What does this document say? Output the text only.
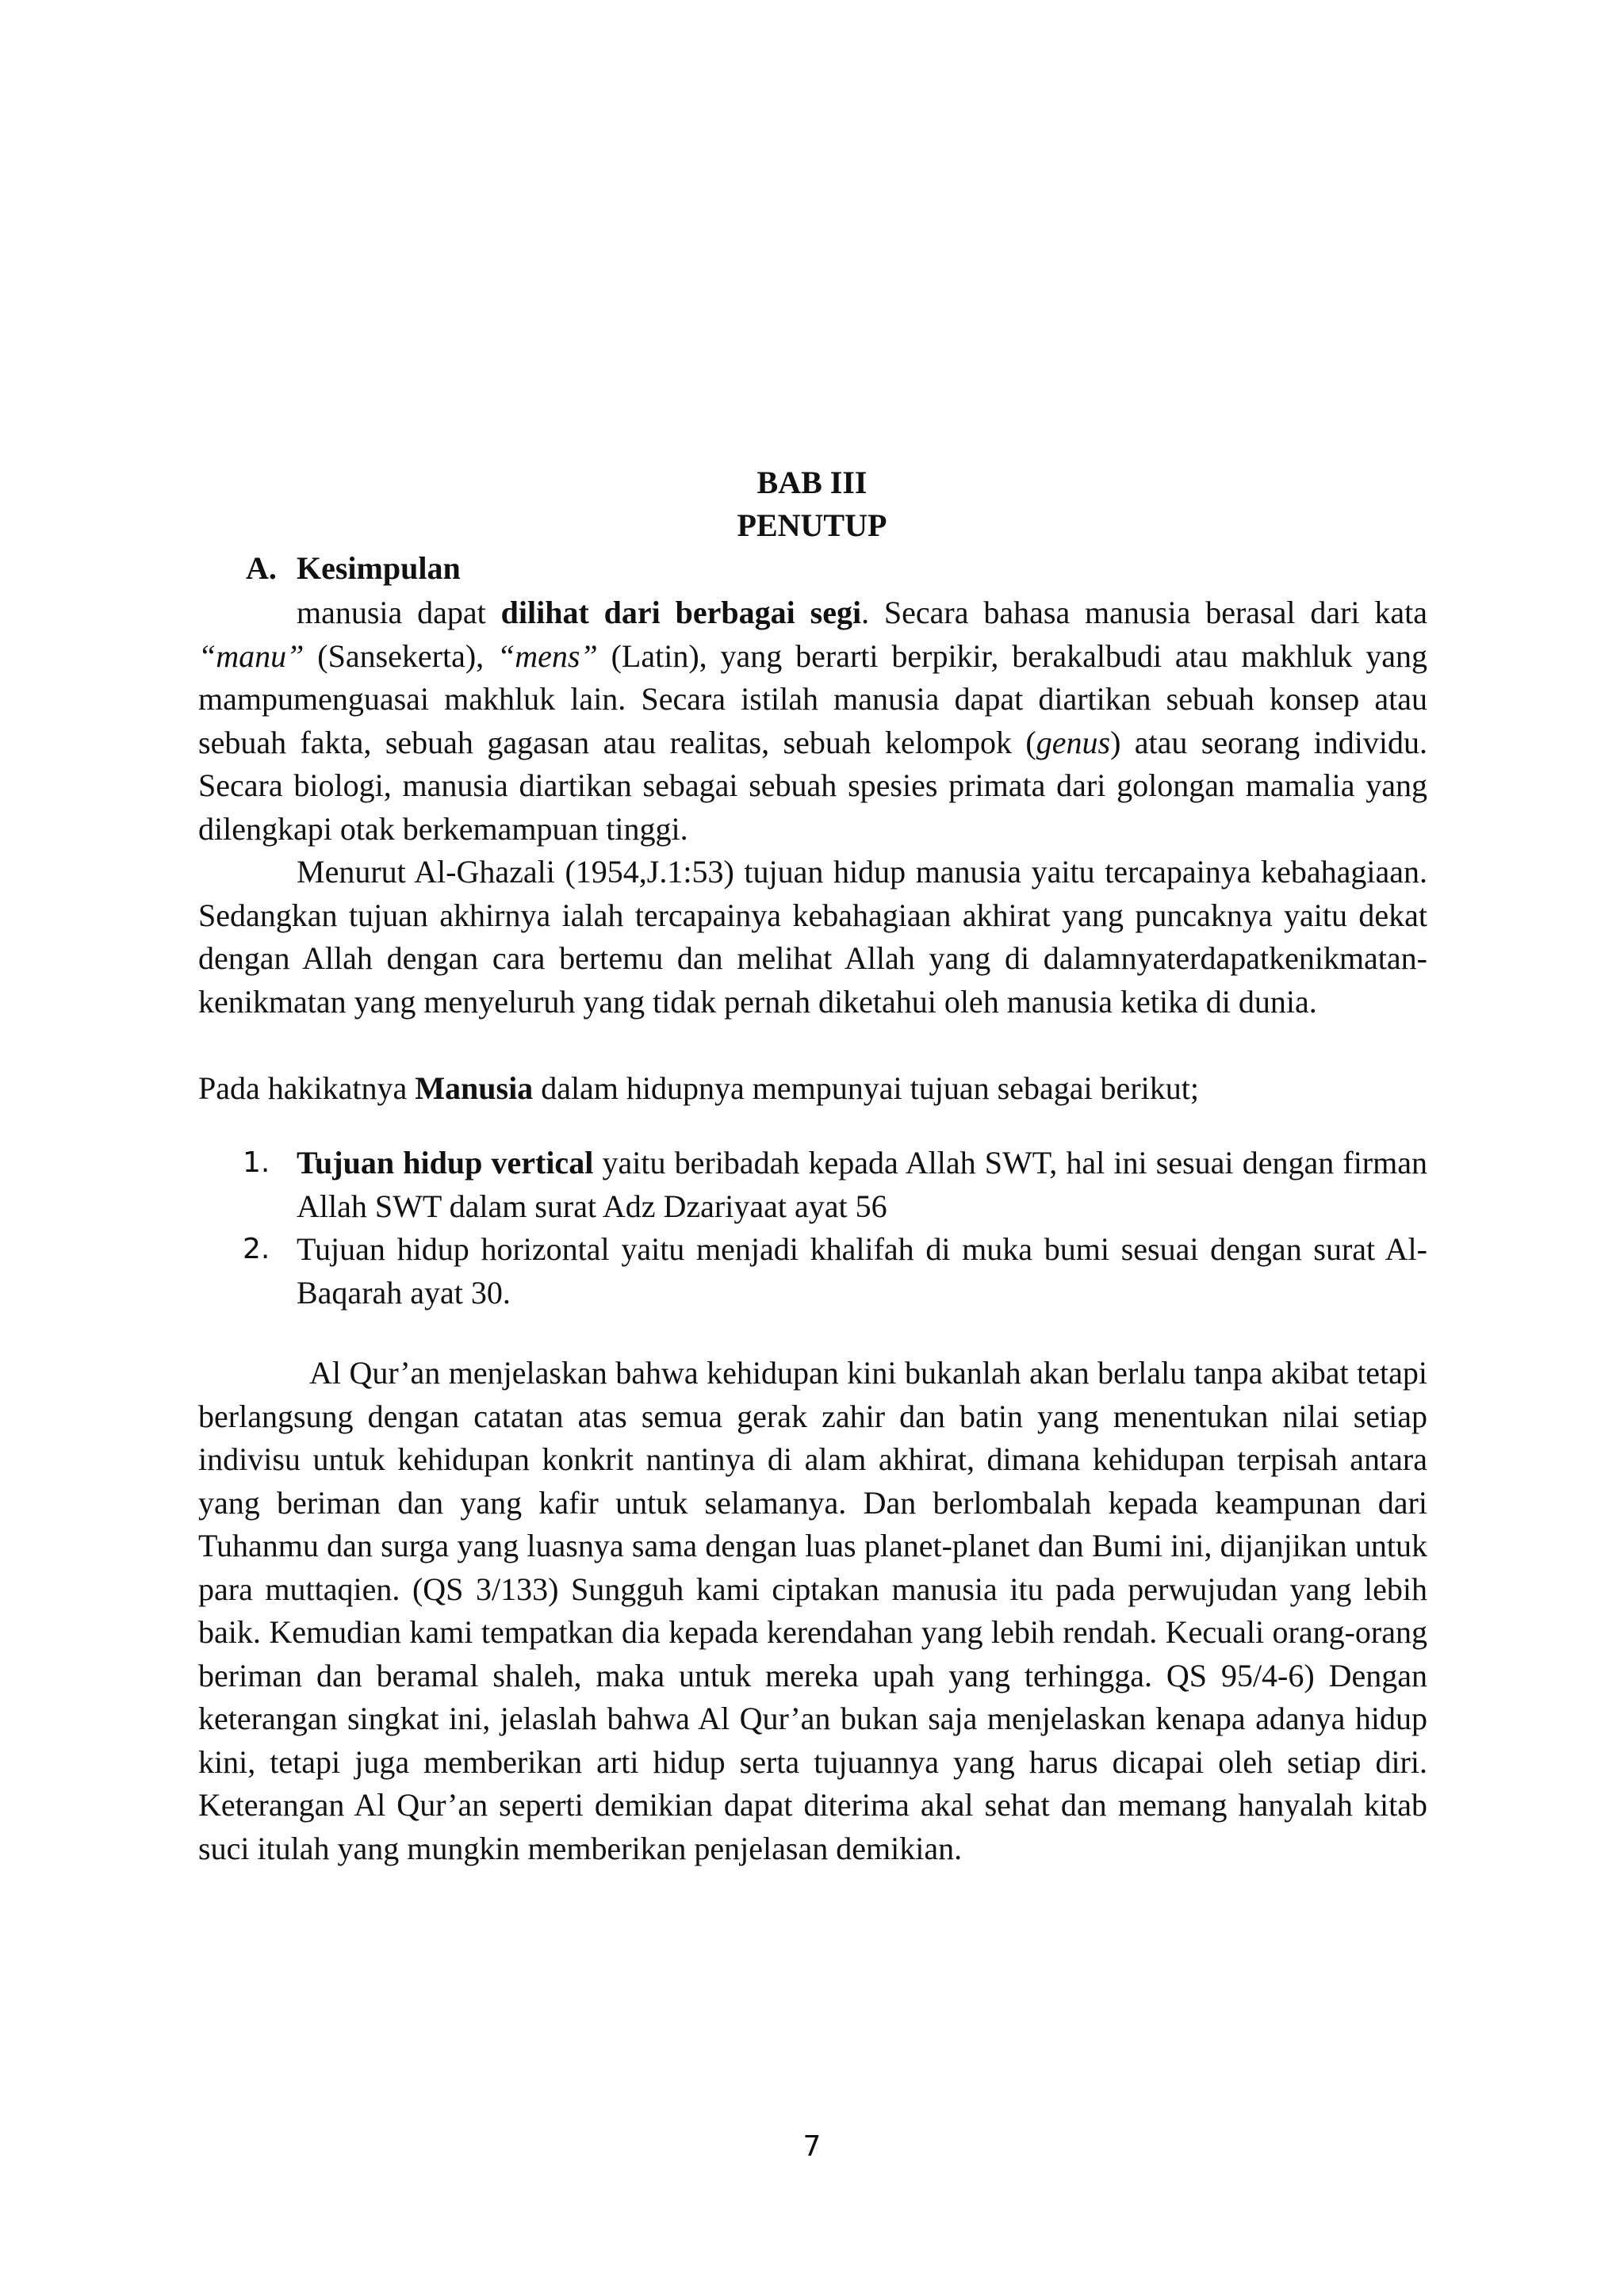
BAB III
PENUTUP
A. Kesimpulan

manusia dapat dilihat dari berbagai segi. Secara bahasa manusia berasal dari kata “manu” (Sansekerta), “mens” (Latin), yang berarti berpikir, berakalbudi atau makhluk yang mampumenguasai makhluk lain. Secara istilah manusia dapat diartikan sebuah konsep atau sebuah fakta, sebuah gagasan atau realitas, sebuah kelompok (genus) atau seorang individu. Secara biologi, manusia diartikan sebagai sebuah spesies primata dari golongan mamalia yang dilengkapi otak berkemampuan tinggi.

Menurut Al-Ghazali (1954,J.1:53) tujuan hidup manusia yaitu tercapainya kebahagiaan. Sedangkan tujuan akhirnya ialah tercapainya kebahagiaan akhirat yang puncaknya yaitu dekat dengan Allah dengan cara bertemu dan melihat Allah yang di dalamnyaterdapatkenikmatan-kenikmatan yang menyeluruh yang tidak pernah diketahui oleh manusia ketika di dunia.

Pada hakikatnya Manusia dalam hidupnya mempunyai tujuan sebagai berikut;

1. Tujuan hidup vertical yaitu beribadah kepada Allah SWT, hal ini sesuai dengan firman Allah SWT dalam surat Adz Dzariyaat ayat 56
2. Tujuan hidup horizontal yaitu menjadi khalifah di muka bumi sesuai dengan surat Al-Baqarah ayat 30.

Al Qur’an menjelaskan bahwa kehidupan kini bukanlah akan berlalu tanpa akibat tetapi berlangsung dengan catatan atas semua gerak zahir dan batin yang menentukan nilai setiap indivisu untuk kehidupan konkrit nantinya di alam akhirat, dimana kehidupan terpisah antara yang beriman dan yang kafir untuk selamanya. Dan berlombalah kepada keampunan dari Tuhanmu dan surga yang luasnya sama dengan luas planet-planet dan Bumi ini, dijanjikan untuk para muttaqien. (QS 3/133) Sungguh kami ciptakan manusia itu pada perwujudan yang lebih baik. Kemudian kami tempatkan dia kepada kerendahan yang lebih rendah. Kecuali orang-orang beriman dan beramal shaleh, maka untuk mereka upah yang terhingga. QS 95/4-6) Dengan keterangan singkat ini, jelaslah bahwa Al Qur’an bukan saja menjelaskan kenapa adanya hidup kini, tetapi juga memberikan arti hidup serta tujuannya yang harus dicapai oleh setiap diri. Keterangan Al Qur’an seperti demikian dapat diterima akal sehat dan memang hanyalah kitab suci itulah yang mungkin memberikan penjelasan demikian.

7
